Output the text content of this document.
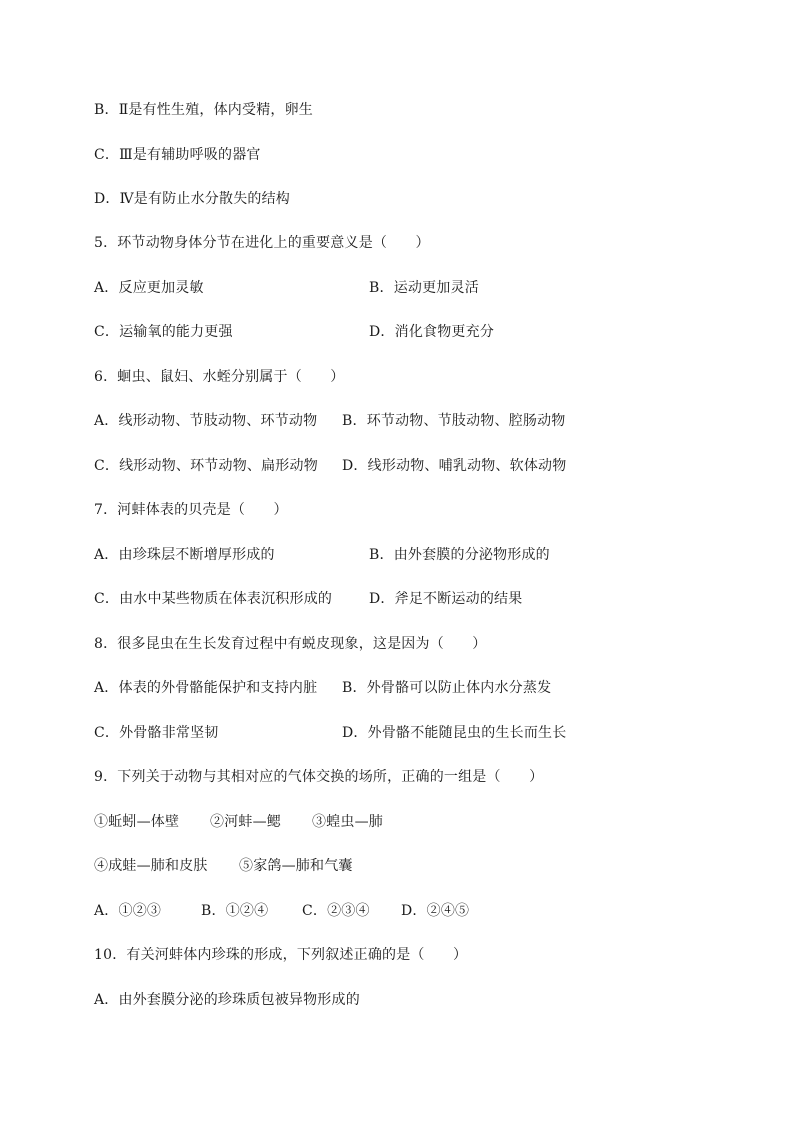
B．Ⅱ是有性生殖，体内受精，卵生
C．Ⅲ是有辅助呼吸的器官
D．Ⅳ是有防止水分散失的结构
5．环节动物身体分节在进化上的重要意义是（　　）
A．反应更加灵敏	B．运动更加灵活
C．运输氧的能力更强	D．消化食物更充分
6．蛔虫、鼠妇、水蛭分别属于（　　）
A．线形动物、节肢动物、环节动物 B．环节动物、节肢动物、腔肠动物
C．线形动物、环节动物、扁形动物 D．线形动物、哺乳动物、软体动物
7．河蚌体表的贝壳是（　　）
A．由珍珠层不断增厚形成的	B．由外套膜的分泌物形成的
C．由水中某些物质在体表沉积形成的	D．斧足不断运动的结果
8．很多昆虫在生长发育过程中有蜕皮现象，这是因为（　　）
A．体表的外骨骼能保护和支持内脏 B．外骨骼可以防止体内水分蒸发
C．外骨骼非常坚韧	D．外骨骼不能随昆虫的生长而生长
9．下列关于动物与其相对应的气体交换的场所，正确的一组是（　　）
①蚯蚓—体壁 ②河蚌—鳃 ③蝗虫—肺
④成蛙—肺和皮肤 ⑤家鸽—肺和气囊
A．①②③	B．①②④ C．②③④ D．②④⑤
10．有关河蚌体内珍珠的形成，下列叙述正确的是（　　）
A．由外套膜分泌的珍珠质包被异物形成的
